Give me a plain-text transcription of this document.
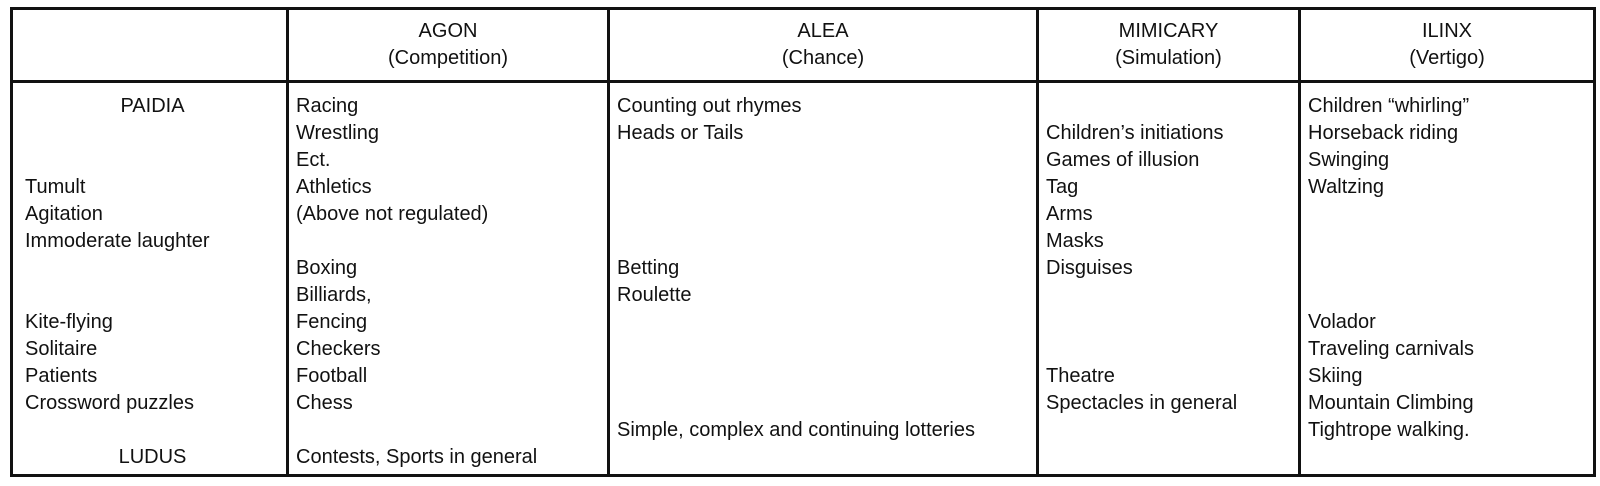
AGON
(Competition)
ALEA
(Chance)
MIMICARY
(Simulation)
ILINX
(Vertigo)
PAIDIA
Tumult
Agitation
Immoderate laughter
Kite-flying
Solitaire
Patients
Crossword puzzles
LUDUS
Racing
Wrestling
Ect.
Athletics
(Above not regulated)
Boxing
Billiards,
Fencing
Checkers
Football
Chess
Contests, Sports in general
Counting out rhymes
Heads or Tails
Betting
Roulette
Simple, complex and continuing lotteries
Children’s initiations
Games of illusion
Tag
Arms
Masks
Disguises
Theatre
Spectacles in general
Children “whirling”
Horseback riding
Swinging
Waltzing
Volador
Traveling carnivals
Skiing
Mountain Climbing
Tightrope walking.
